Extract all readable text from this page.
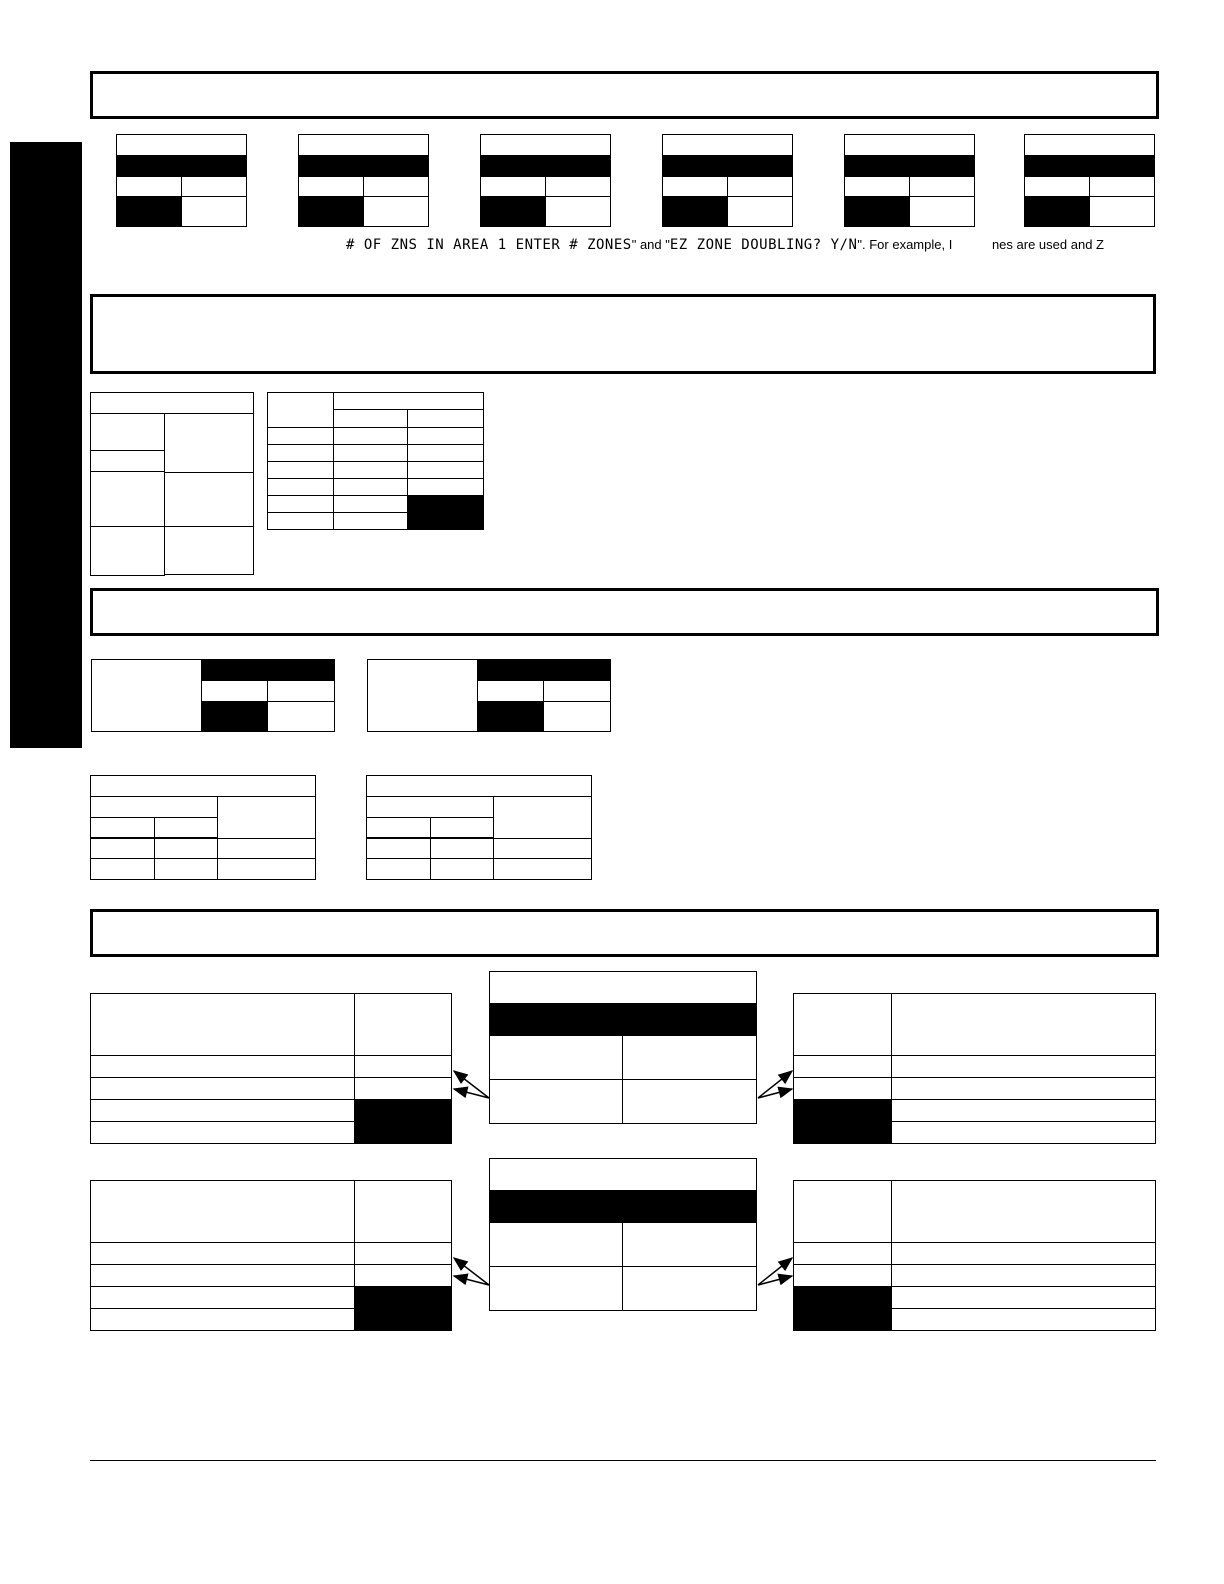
# OF ZNS IN AREA 1 ENTER # ZONES" and "EZ ZONE DOUBLING? Y/N". For example, I	nes are used and Z
